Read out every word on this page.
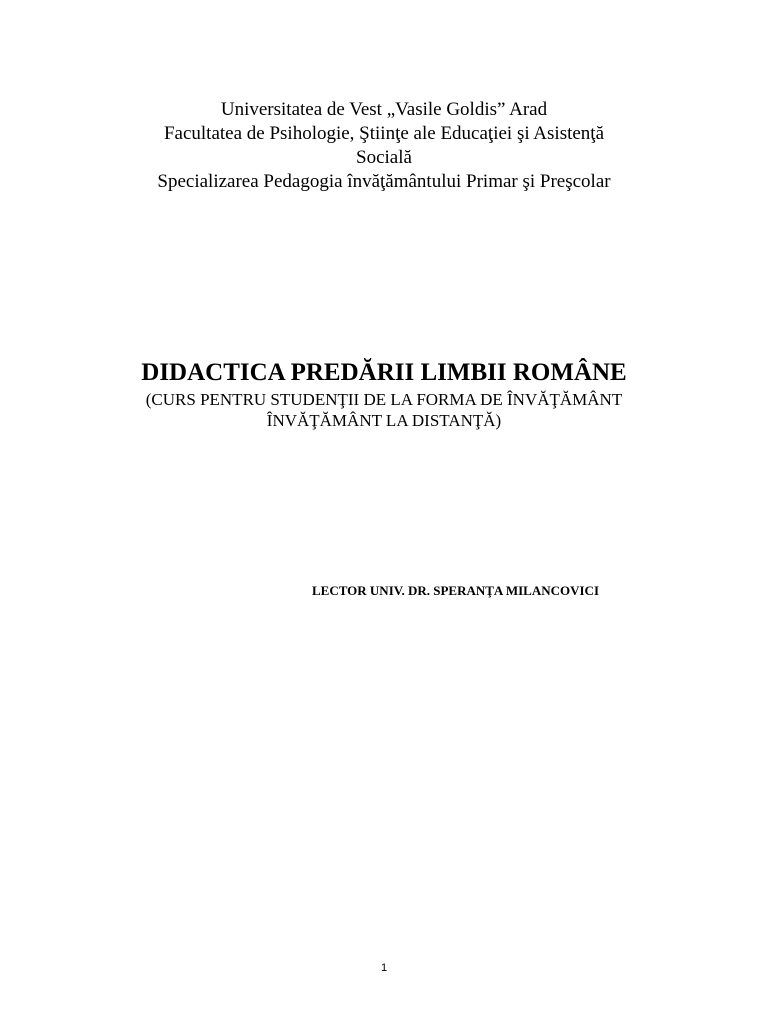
Universitatea de Vest „Vasile Goldis” Arad
Facultatea de Psihologie, Ştiinţe ale Educaţiei şi Asistenţă
Socială
Specializarea Pedagogia învăţământului Primar şi Preşcolar
DIDACTICA PREDĂRII LIMBII ROMÂNE
(CURS PENTRU STUDENŢII DE LA FORMA DE ÎNVĂŢĂMÂNT
ÎNVĂŢĂMÂNT LA DISTANŢĂ)
LECTOR UNIV. DR. SPERANŢA MILANCOVICI
1
